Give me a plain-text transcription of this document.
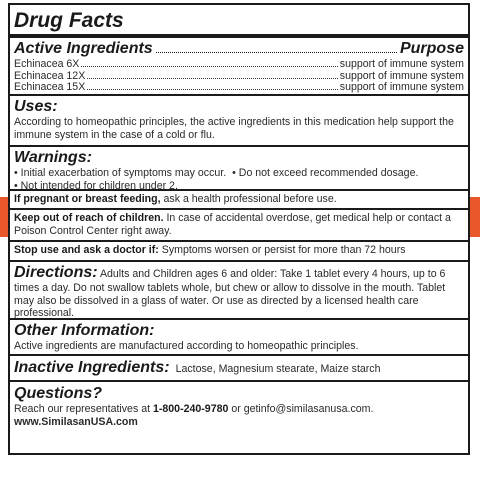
Drug Facts
Active Ingredients	Purpose
Echinacea 6X	support of immune system
Echinacea 12X	support of immune system
Echinacea 15X	support of immune system
Uses:
According to homeopathic principles, the active ingredients in this medication help support the immune system in the case of a cold or flu.
Warnings:
• Initial exacerbation of symptoms may occur. • Do not exceed recommended dosage.
• Not intended for children under 2.
If pregnant or breast feeding, ask a health professional before use.
Keep out of reach of children. In case of accidental overdose, get medical help or contact a Poison Control Center right away.
Stop use and ask a doctor if: Symptoms worsen or persist for more than 72 hours
Directions: Adults and Children ages 6 and older: Take 1 tablet every 4 hours, up to 6 times a day. Do not swallow tablets whole, but chew or allow to dissolve in the mouth. Tablet may also be dissolved in a glass of water. Or use as directed by a licensed health care professional.
Other Information:
Active ingredients are manufactured according to homeopathic principles.
Inactive Ingredients: Lactose, Magnesium stearate, Maize starch
Questions?
Reach our representatives at 1-800-240-9780 or getinfo@similasanusa.com.
www.SimilasanUSA.com
